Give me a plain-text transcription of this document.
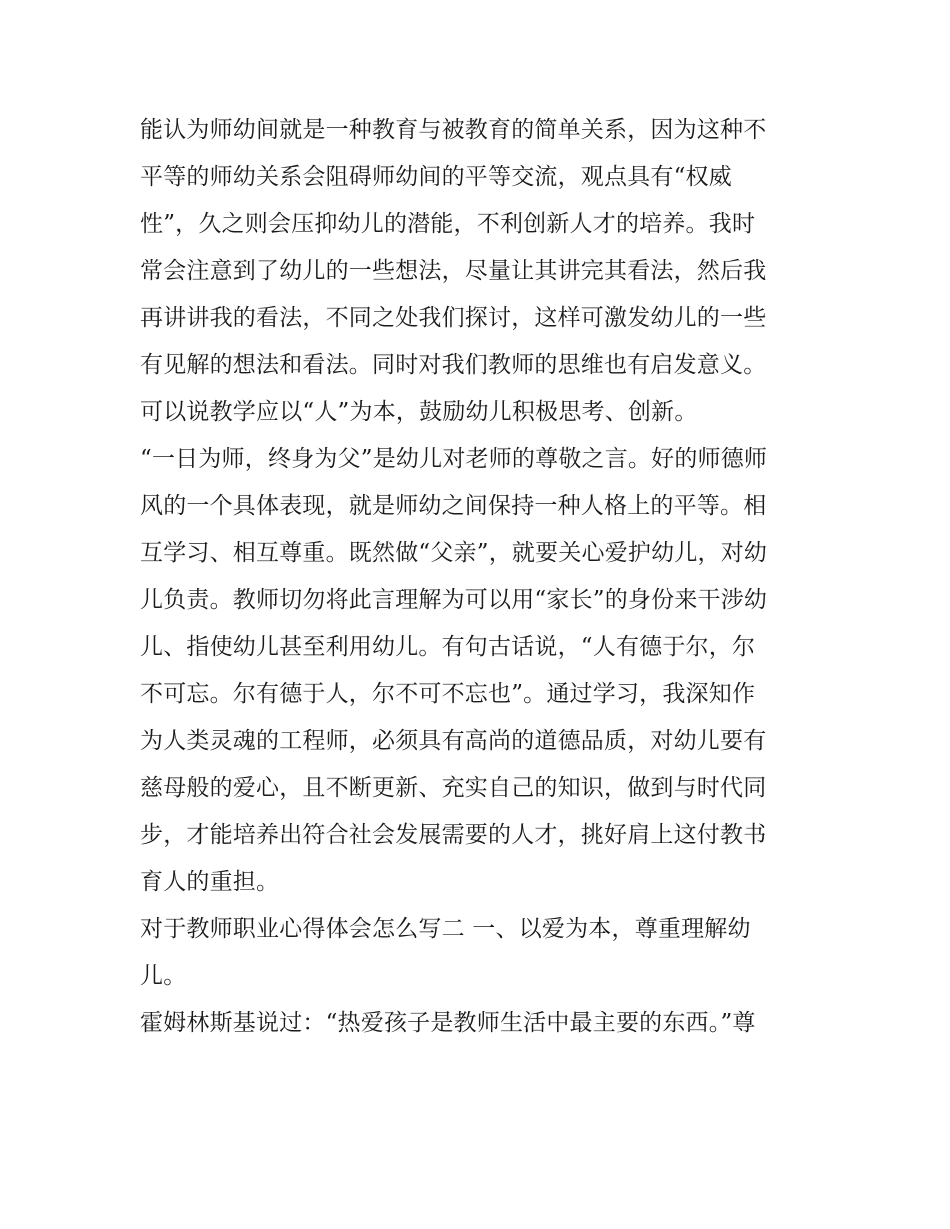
能认为师幼间就是一种教育与被教育的简单关系，因为这种不
平等的师幼关系会阻碍师幼间的平等交流，观点具有“权威
性”，久之则会压抑幼儿的潜能，不利创新人才的培养。我时
常会注意到了幼儿的一些想法，尽量让其讲完其看法，然后我
再讲讲我的看法，不同之处我们探讨，这样可激发幼儿的一些
有见解的想法和看法。同时对我们教师的思维也有启发意义。
可以说教学应以“人”为本，鼓励幼儿积极思考、创新。
“一日为师，终身为父”是幼儿对老师的尊敬之言。好的师德师
风的一个具体表现，就是师幼之间保持一种人格上的平等。相
互学习、相互尊重。既然做“父亲”，就要关心爱护幼儿，对幼
儿负责。教师切勿将此言理解为可以用“家长”的身份来干涉幼
儿、指使幼儿甚至利用幼儿。有句古话说，“人有德于尔，尔
不可忘。尔有德于人，尔不可不忘也”。通过学习，我深知作
为人类灵魂的工程师，必须具有高尚的道德品质，对幼儿要有
慈母般的爱心，且不断更新、充实自己的知识，做到与时代同
步，才能培养出符合社会发展需要的人才，挑好肩上这付教书
育人的重担。
对于教师职业心得体会怎么写二 一、以爱为本，尊重理解幼
儿。
霍姆林斯基说过：“热爱孩子是教师生活中最主要的东西。”尊
